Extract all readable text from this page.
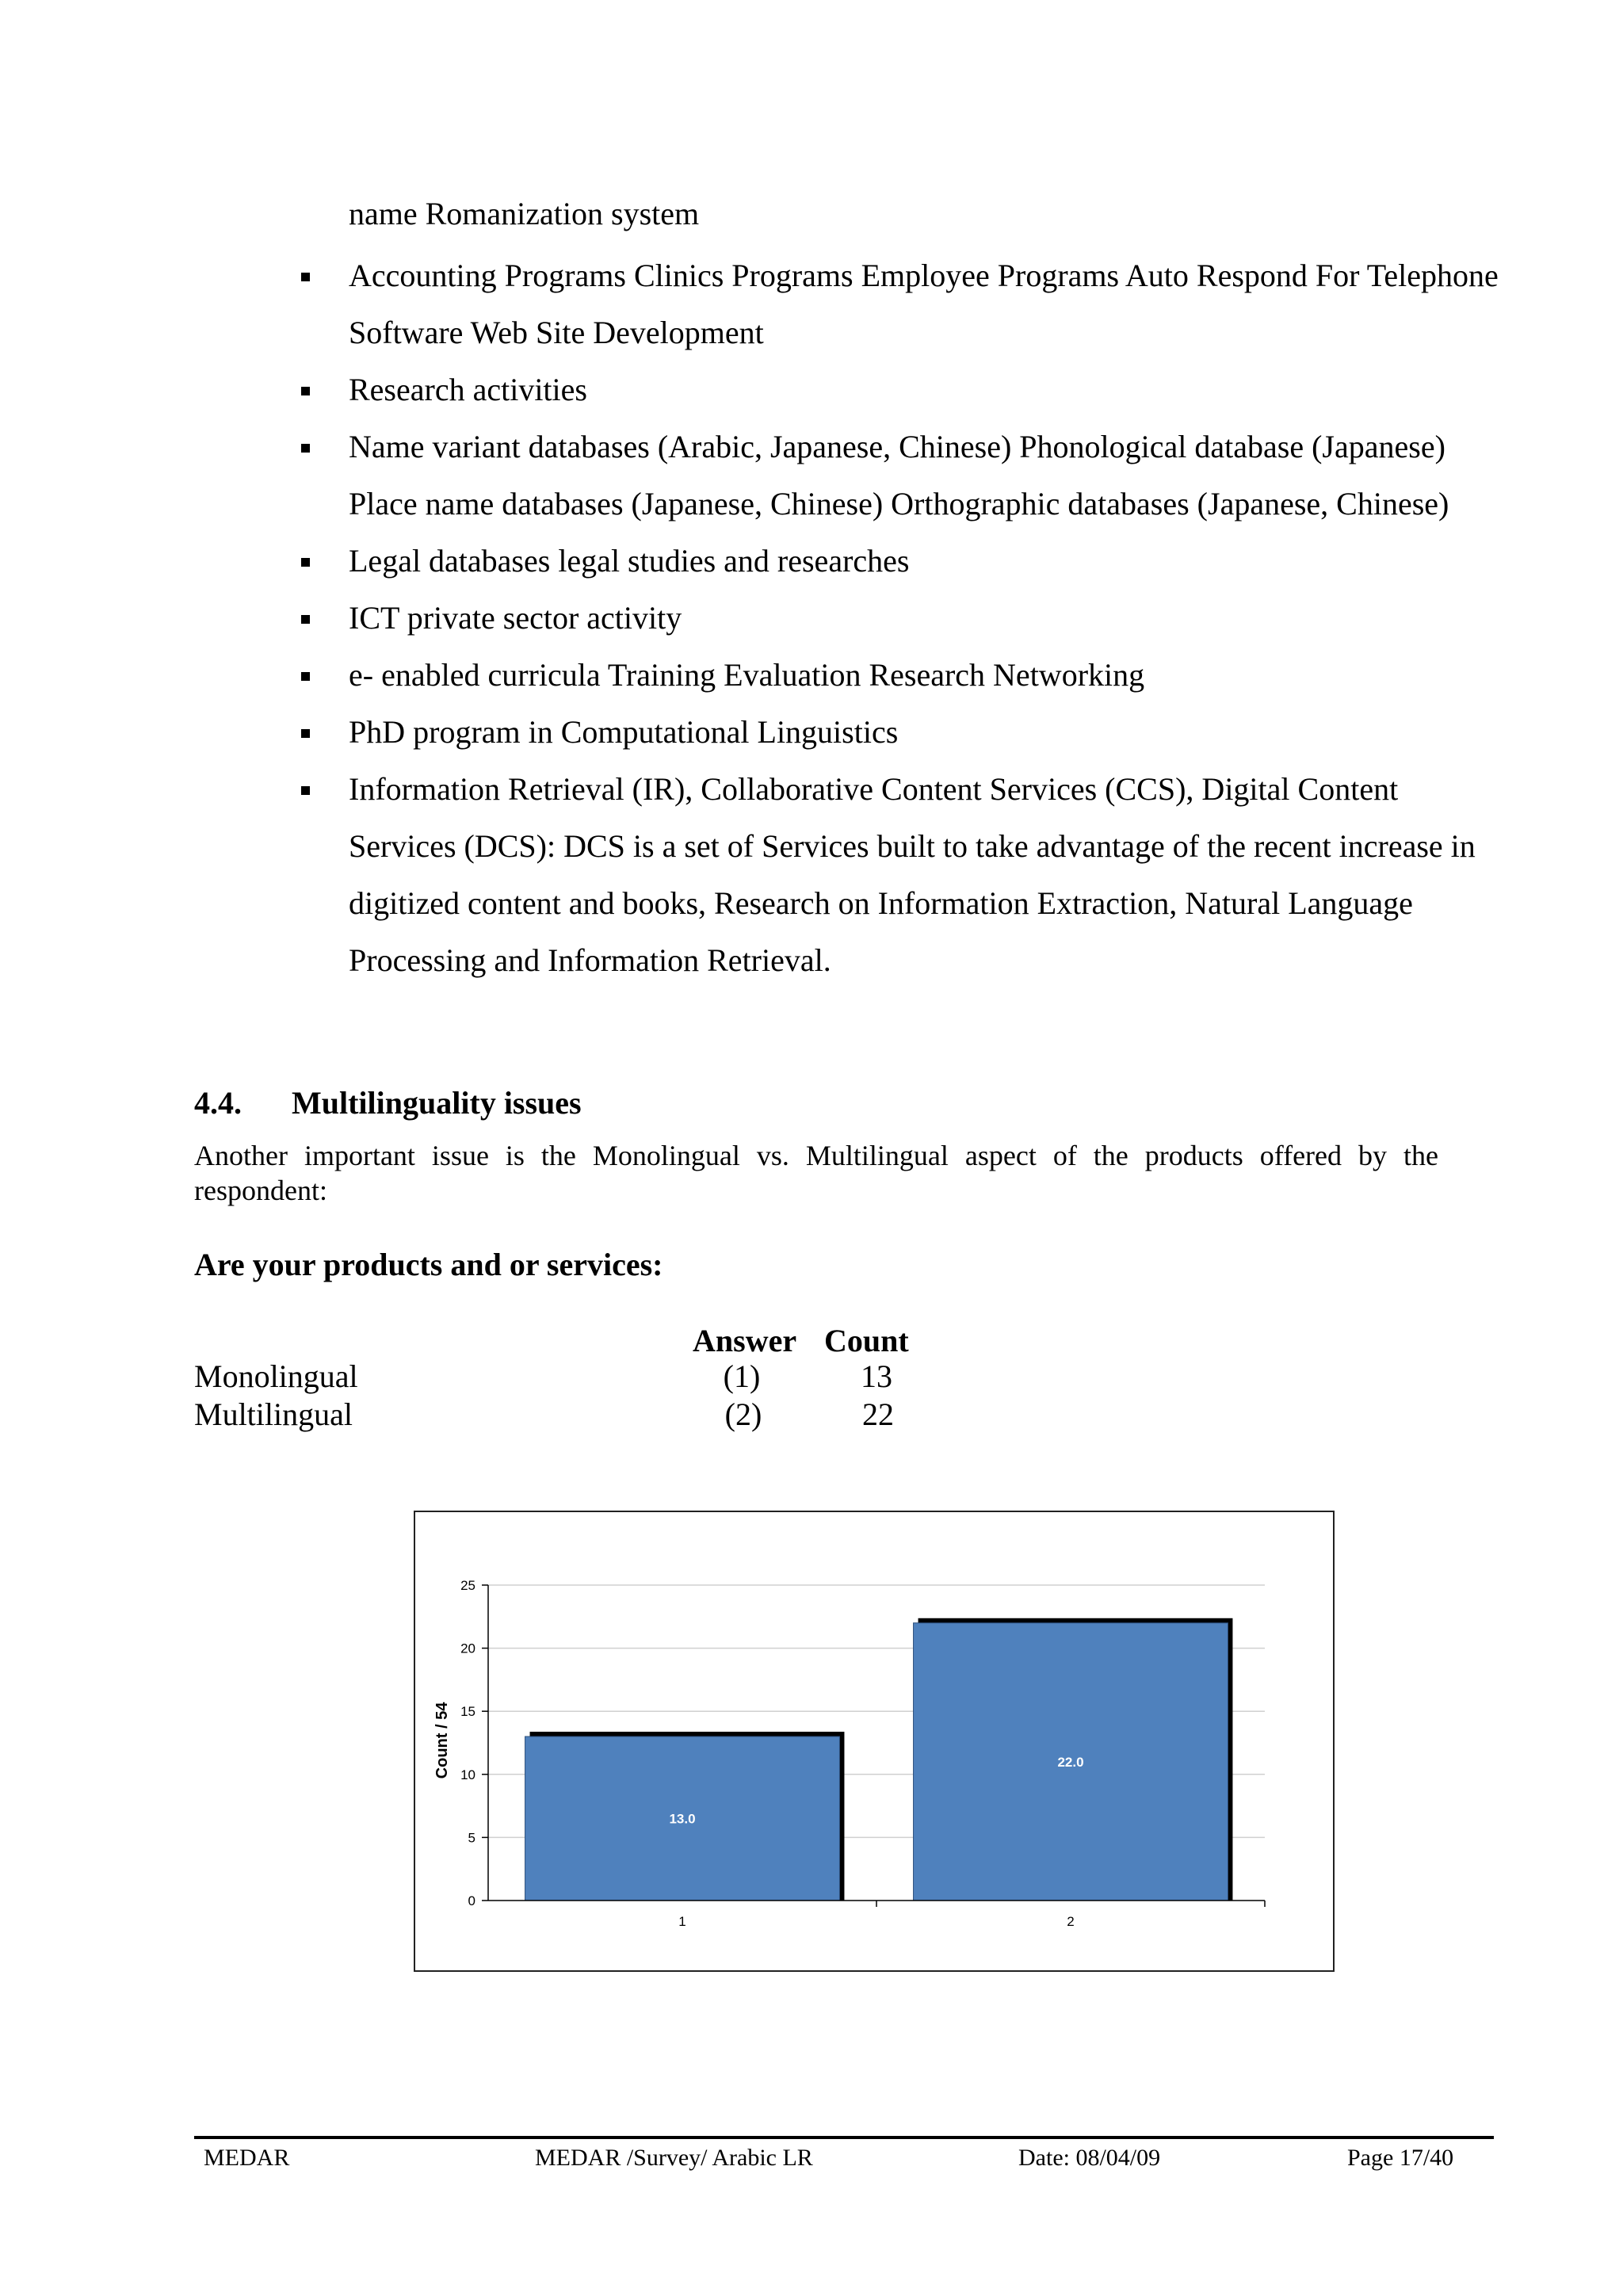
name Romanization system
Accounting Programs Clinics Programs Employee Programs Auto Respond For Telephone Software Web Site Development
Research activities
Name variant databases (Arabic, Japanese, Chinese) Phonological database (Japanese) Place name databases (Japanese, Chinese) Orthographic databases (Japanese, Chinese)
Legal databases legal studies and researches
ICT private sector activity
e- enabled curricula Training Evaluation Research Networking
PhD program in Computational Linguistics
Information Retrieval (IR), Collaborative Content Services (CCS), Digital Content Services (DCS): DCS is a set of Services built to take advantage of the recent increase in digitized content and books, Research on Information Extraction, Natural Language Processing and Information Retrieval.
4.4. Multilinguality issues
Another important issue is the Monolingual vs. Multilingual aspect of the products offered by the respondent:
Are your products and or services:
Answer Count
Monolingual	(1)	13
Multilingual	(2)	22
13.0
22.0
0
5
10
15
20
25
1	2
Count / 54
MEDAR	MEDAR /Survey/ Arabic LR	Date: 08/04/09	Page 17/40
